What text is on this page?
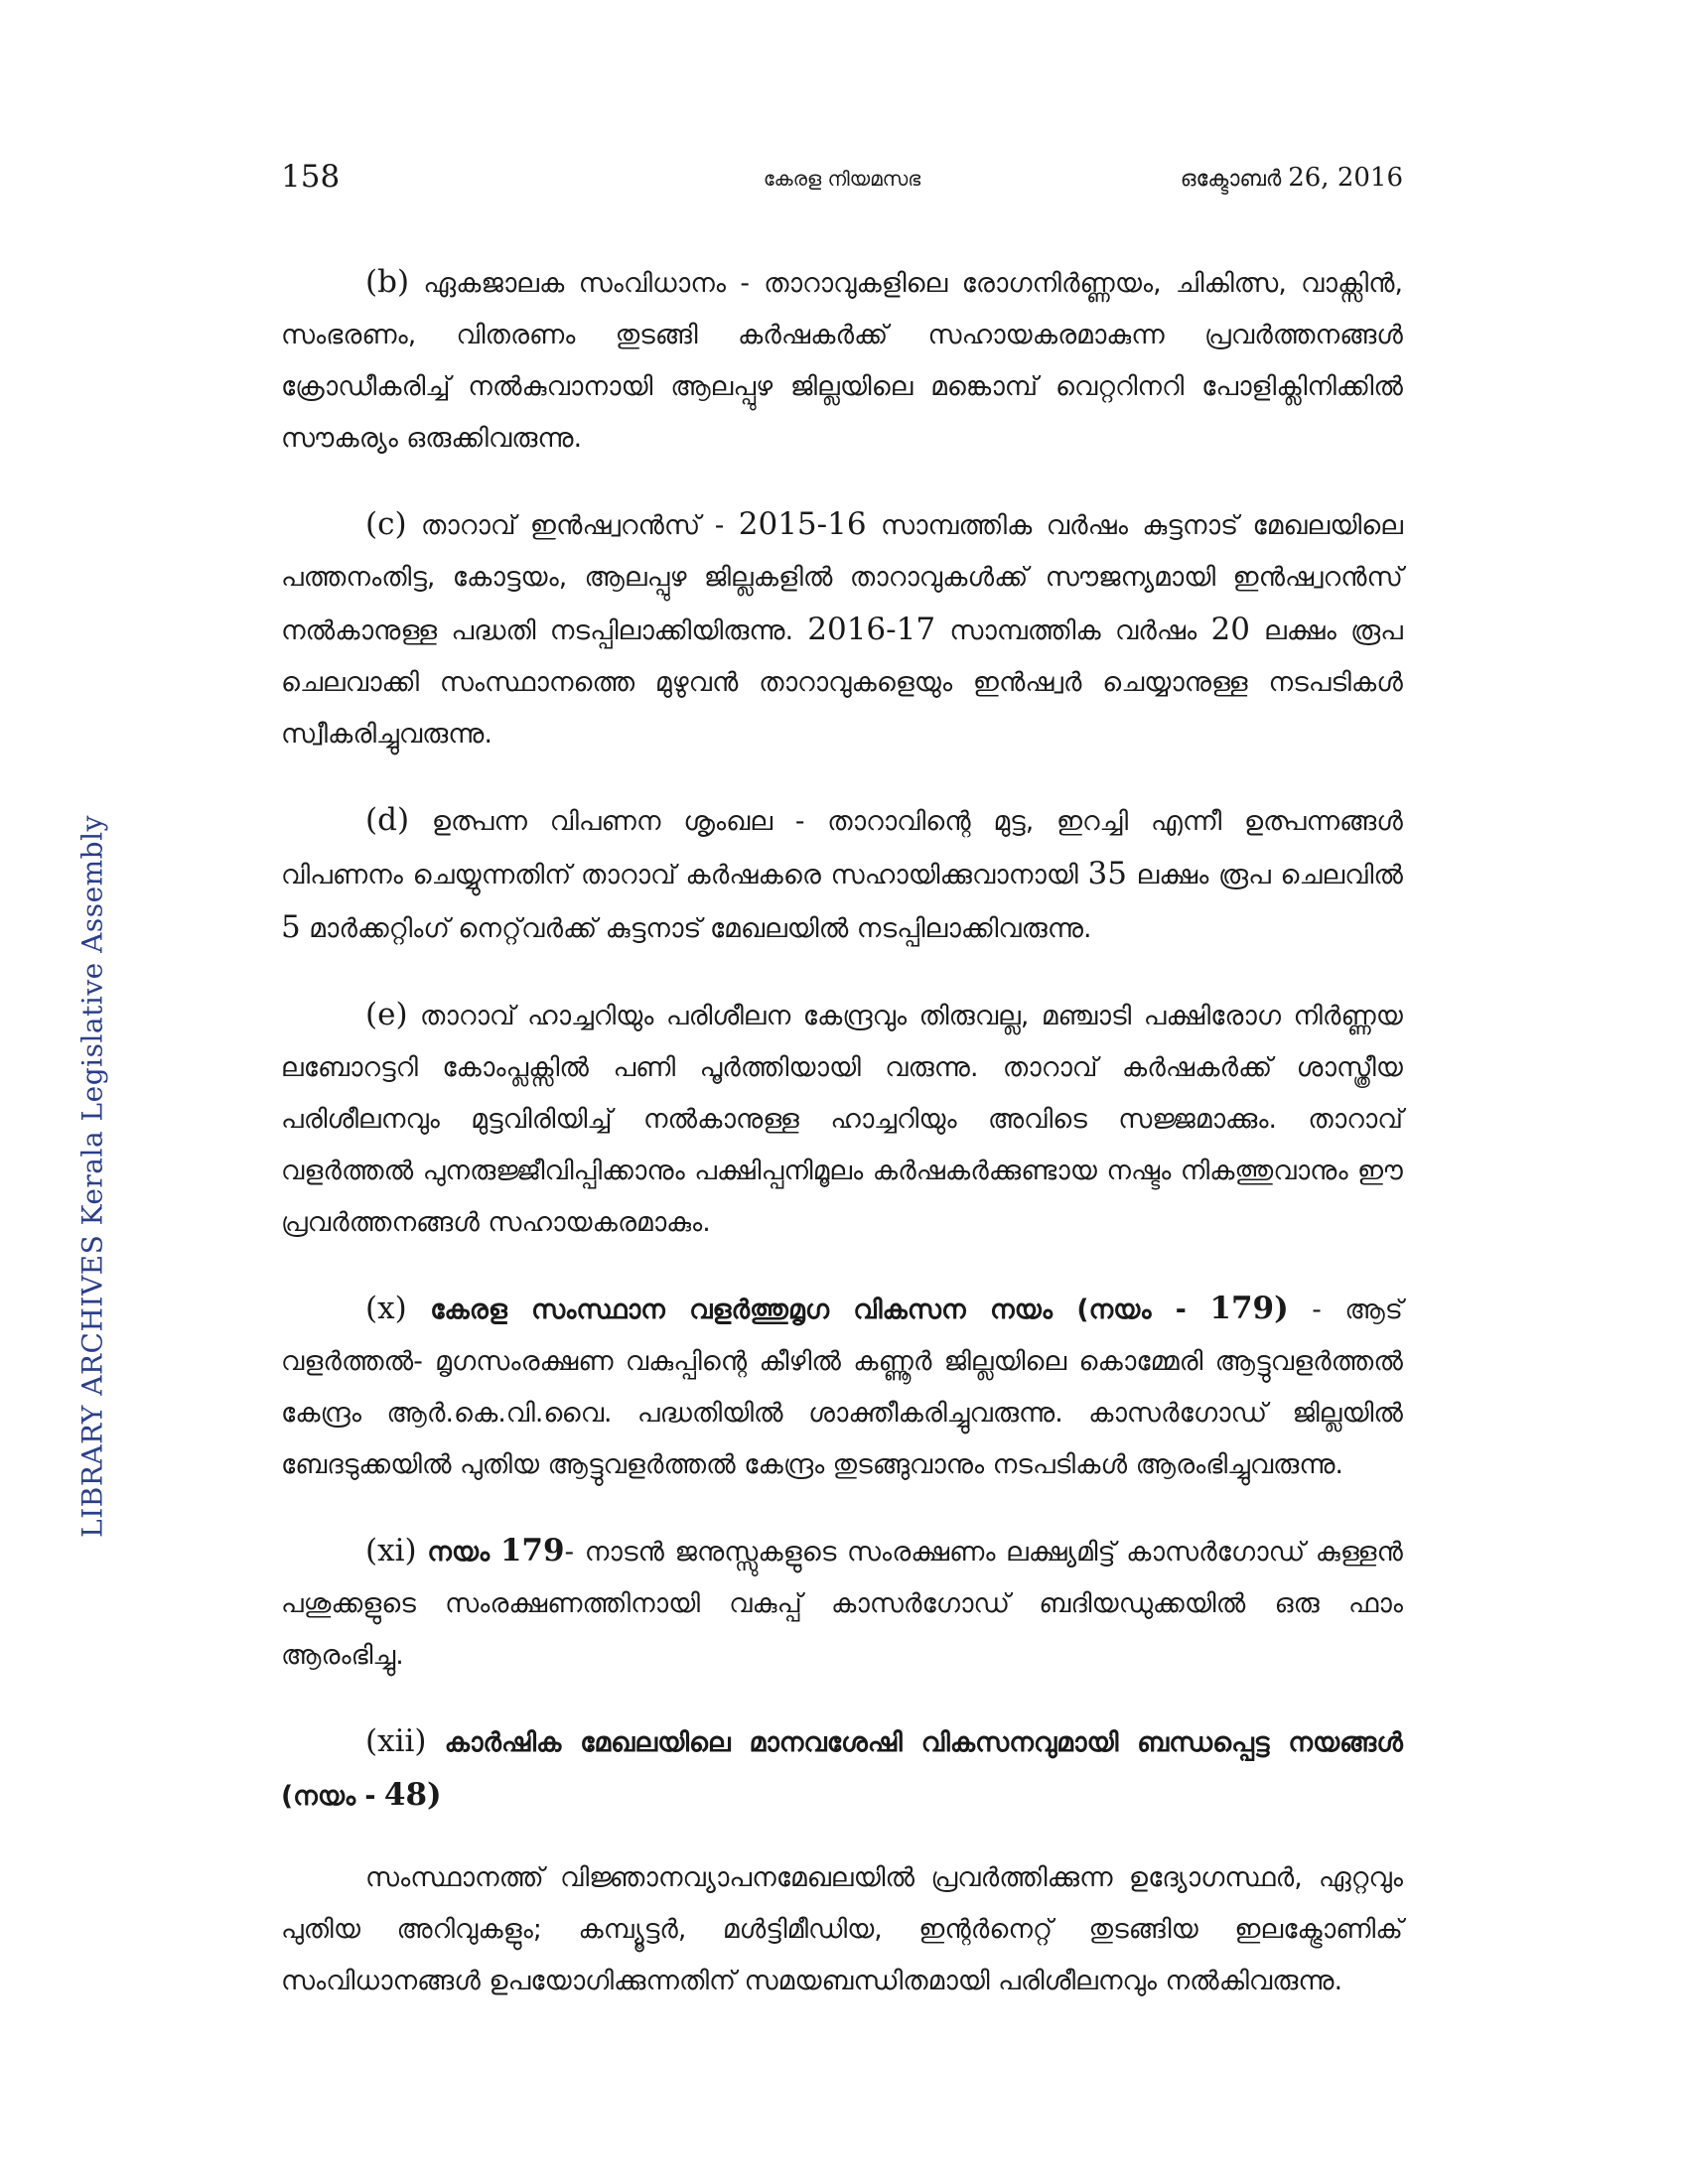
158	കേരള നിയമസഭ	ഒക്ടോബർ 26, 2016
LIBRARY ARCHIVES Kerala Legislative Assembly

(b) ഏകജാലക സംവിധാനം - താറാവുകളിലെ രോഗനിർണ്ണയം, ചികിത്സ, വാക്സിൻ, സംഭരണം, വിതരണം തുടങ്ങി കർഷകർക്ക് സഹായകരമാകുന്ന പ്രവർത്തനങ്ങൾ ക്രോഡീകരിച്ച് നൽകുവാനായി ആലപ്പുഴ ജില്ലയിലെ മങ്കൊമ്പ് വെറ്ററിനറി പോളിക്ലിനിക്കിൽ സൗകര്യം ഒരുക്കിവരുന്നു.

(c) താറാവ് ഇൻഷ്വറൻസ് - 2015-16 സാമ്പത്തിക വർഷം കുട്ടനാട് മേഖലയിലെ പത്തനംതിട്ട, കോട്ടയം, ആലപ്പുഴ ജില്ലകളിൽ താറാവുകൾക്ക് സൗജന്യമായി ഇൻഷ്വറൻസ് നൽകാനുള്ള പദ്ധതി നടപ്പിലാക്കിയിരുന്നു. 2016-17 സാമ്പത്തിക വർഷം 20 ലക്ഷം രൂപ ചെലവാക്കി സംസ്ഥാനത്തെ മുഴുവൻ താറാവുകളെയും ഇൻഷ്വർ ചെയ്യാനുള്ള നടപടികൾ സ്വീകരിച്ചുവരുന്നു.

(d) ഉത്പന്ന വിപണന ശൃംഖല - താറാവിന്റെ മുട്ട, ഇറച്ചി എന്നീ ഉത്പന്നങ്ങൾ വിപണനം ചെയ്യുന്നതിന് താറാവ് കർഷകരെ സഹായിക്കുവാനായി 35 ലക്ഷം രൂപ ചെലവിൽ 5 മാർക്കറ്റിംഗ് നെറ്റ്‌വർക്ക് കുട്ടനാട് മേഖലയിൽ നടപ്പിലാക്കിവരുന്നു.

(e) താറാവ് ഹാച്ചറിയും പരിശീലന കേന്ദ്രവും തിരുവല്ല, മഞ്ചാടി പക്ഷിരോഗ നിർണ്ണയ ലബോറട്ടറി കോംപ്ലക്സിൽ പണി പൂർത്തിയായി വരുന്നു. താറാവ് കർഷകർക്ക് ശാസ്ത്രീയ പരിശീലനവും മുട്ടവിരിയിച്ച് നൽകാനുള്ള ഹാച്ചറിയും അവിടെ സജ്ജമാക്കും. താറാവ് വളർത്തൽ പുനരുജ്ജീവിപ്പിക്കാനും പക്ഷിപ്പനിമൂലം കർഷകർക്കുണ്ടായ നഷ്ടം നികത്തുവാനും ഈ പ്രവർത്തനങ്ങൾ സഹായകരമാകും.

(x) കേരള സംസ്ഥാന വളർത്തുമൃഗ വികസന നയം (നയം - 179) - ആട് വളർത്തൽ- മൃഗസംരക്ഷണ വകുപ്പിന്റെ കീഴിൽ കണ്ണൂർ ജില്ലയിലെ കൊമ്മേരി ആട്ടുവളർത്തൽ കേന്ദ്രം ആർ.കെ.വി.വൈ. പദ്ധതിയിൽ ശാക്തീകരിച്ചുവരുന്നു. കാസർഗോഡ് ജില്ലയിൽ ബേദടുക്കയിൽ പുതിയ ആട്ടുവളർത്തൽ കേന്ദ്രം തുടങ്ങുവാനും നടപടികൾ ആരംഭിച്ചുവരുന്നു.

(xi) നയം 179- നാടൻ ജനുസ്സുകളുടെ സംരക്ഷണം ലക്ഷ്യമിട്ട് കാസർഗോഡ് കുള്ളൻ പശുക്കളുടെ സംരക്ഷണത്തിനായി വകുപ്പ് കാസർഗോഡ് ബദിയഡുക്കയിൽ ഒരു ഫാം ആരംഭിച്ചു.

(xii) കാർഷിക മേഖലയിലെ മാനവശേഷി വികസനവുമായി ബന്ധപ്പെട്ട നയങ്ങൾ (നയം - 48)

സംസ്ഥാനത്ത് വിജ്ഞാനവ്യാപനമേഖലയിൽ പ്രവർത്തിക്കുന്ന ഉദ്യോഗസ്ഥർ, ഏറ്റവും പുതിയ അറിവുകളും; കമ്പ്യൂട്ടർ, മൾട്ടിമീഡിയ, ഇന്റർനെറ്റ് തുടങ്ങിയ ഇലക്ട്രോണിക് സംവിധാനങ്ങൾ ഉപയോഗിക്കുന്നതിന് സമയബന്ധിതമായി പരിശീലനവും നൽകിവരുന്നു.
